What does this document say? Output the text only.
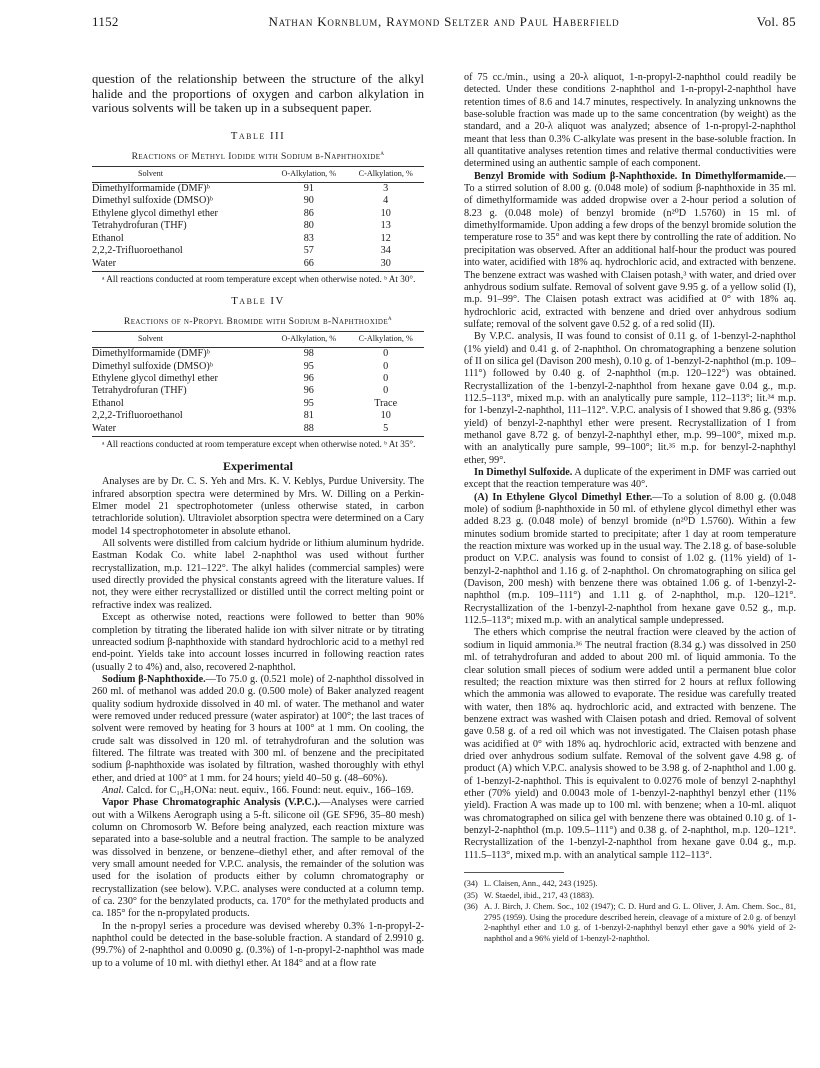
1152	Nathan Kornblum, Raymond Seltzer and Paul Haberfield	Vol. 85

question of the relationship between the structure of the alkyl halide and the proportions of oxygen and carbon alkylation in various solvents will be taken up in a subsequent paper.

Table III
Reactions of Methyl Iodide with Sodium β-Naphthoxide$^a$
Solvent	O-Alkylation, %	C-Alkylation, %
Dimethylformamide (DMF)ᵇ	91	3
Dimethyl sulfoxide (DMSO)ᵇ	90	4
Ethylene glycol dimethyl ether	86	10
Tetrahydrofuran (THF)	80	13
Ethanol	83	12
2,2,2-Trifluoroethanol	57	34
Water	66	30

ᵃ All reactions conducted at room temperature except when otherwise noted. ᵇ At 30°.

Table IV
Reactions of n-Propyl Bromide with Sodium β-Naphthoxide$^a$
Solvent	O-Alkylation, %	C-Alkylation, %
Dimethylformamide (DMF)ᵇ	98	0
Dimethyl sulfoxide (DMSO)ᵇ	95	0
Ethylene glycol dimethyl ether	96	0
Tetrahydrofuran (THF)	96	0
Ethanol	95	Trace
2,2,2-Trifluoroethanol	81	10
Water	88	5

ᵃ All reactions conducted at room temperature except when otherwise noted. ᵇ At 35°.

Experimental

Analyses are by Dr. C. S. Yeh and Mrs. K. V. Keblys, Purdue University. The infrared absorption spectra were determined by Mrs. W. Dilling on a Perkin-Elmer model 21 spectrophotometer (unless otherwise stated, in carbon tetrachloride solution). Ultraviolet absorption spectra were determined on a Cary model 14 spectrophotometer in absolute ethanol.

All solvents were distilled from calcium hydride or lithium aluminum hydride. Eastman Kodak Co. white label 2-naphthol was used without further recrystallization, m.p. 121–122°. The alkyl halides (commercial samples) were used directly provided the physical constants agreed with the literature values. If not, they were either recrystallized or distilled until the correct melting point or refractive index was realized.

Except as otherwise noted, reactions were followed to better than 90% completion by titrating the liberated halide ion with silver nitrate or by titrating unreacted sodium β-naphthoxide with standard hydrochloric acid to a methyl red end-point. Yields take into account losses incurred in following reaction rates (usually 2 to 4%) and, also, recovered 2-naphthol.

Sodium β-Naphthoxide.—To 75.0 g. (0.521 mole) of 2-naphthol dissolved in 260 ml. of methanol was added 20.0 g. (0.500 mole) of Baker analyzed reagent quality sodium hydroxide dissolved in 40 ml. of water. The methanol and water were removed under reduced pressure (water aspirator) at 100°; the last traces of solvent were removed by heating for 3 hours at 100° at 1 mm. On cooling, the crude salt was dissolved in 120 ml. of tetrahydrofuran and the solution was filtered. The filtrate was treated with 300 ml. of benzene and the precipitated sodium β-naphthoxide was isolated by filtration, washed thoroughly with ethyl ether, and dried at 100° at 1 mm. for 24 hours; yield 40–50 g. (48–60%).

Anal. Calcd. for C₁₀H₇ONa: neut. equiv., 166. Found: neut. equiv., 166–169.

Vapor Phase Chromatographic Analysis (V.P.C.).—Analyses were carried out with a Wilkens Aerograph using a 5-ft. silicone oil (GE SF96, 35–80 mesh) column on Chromosorb W. Before being analyzed, each reaction mixture was separated into a base-soluble and a neutral fraction. The sample to be analyzed was dissolved in benzene, or benzene–diethyl ether, and after removal of the very small amount needed for V.P.C. analysis, the remainder of the solution was used for the isolation of products either by column chromatography or recrystallization (see below). V.P.C. analyses were conducted at a column temp. of ca. 230° for the benzylated products, ca. 170° for the methylated products and ca. 185° for the n-propylated products.

In the n-propyl series a procedure was devised whereby 0.3% 1-n-propyl-2-naphthol could be detected in the base-soluble fraction. A standard of 2.9910 g. (99.7%) of 2-naphthol and 0.0090 g. (0.3%) of 1-n-propyl-2-naphthol was made up to a volume of 10 ml. with diethyl ether. At 184° and at a flow rate

of 75 cc./min., using a 20-λ aliquot, 1-n-propyl-2-naphthol could readily be detected. Under these conditions 2-naphthol and 1-n-propyl-2-naphthol have retention times of 8.6 and 14.7 minutes, respectively. In analyzing unknowns the base-soluble fraction was made up to the same concentration (by weight) as the standard, and a 20-λ aliquot was analyzed; absence of 1-n-propyl-2-naphthol meant that less than 0.3% C-alkylate was present in the base-soluble fraction. In all quantitative analyses retention times and relative thermal conductivities were determined using an authentic sample of each component.

Benzyl Bromide with Sodium β-Naphthoxide. In Dimethylformamide.—To a stirred solution of 8.00 g. (0.048 mole) of sodium β-naphthoxide in 35 ml. of dimethylformamide was added dropwise over a 2-hour period a solution of 8.23 g. (0.048 mole) of benzyl bromide (n²⁰D 1.5760) in 15 ml. of dimethylformamide. Upon adding a few drops of the benzyl bromide solution the temperature rose to 35° and was kept there by controlling the rate of addition. No precipitation was observed. After an additional half-hour the product was poured into water, acidified with 18% aq. hydrochloric acid, and extracted with benzene. The benzene extract was washed with Claisen potash,³ with water, and dried over anhydrous sodium sulfate. Removal of solvent gave 9.95 g. of a yellow solid (I), m.p. 91–99°. The Claisen potash extract was acidified at 0° with 18% aq. hydrochloric acid, extracted with benzene and dried over anhydrous sodium sulfate; removal of the solvent gave 0.52 g. of a red solid (II).

By V.P.C. analysis, II was found to consist of 0.11 g. of 1-benzyl-2-naphthol (1% yield) and 0.41 g. of 2-naphthol. On chromatographing a benzene solution of II on silica gel (Davison 200 mesh), 0.10 g. of 1-benzyl-2-naphthol (m.p. 109–111°) followed by 0.40 g. of 2-naphthol (m.p. 120–122°) was obtained. Recrystallization of the 1-benzyl-2-naphthol from hexane gave 0.04 g., m.p. 112.5–113°, mixed m.p. with an analytically pure sample, 112–113°; lit.³⁴ m.p. for 1-benzyl-2-naphthol, 111–112°. V.P.C. analysis of I showed that 9.86 g. (93% yield) of benzyl-2-naphthyl ether were present. Recrystallization of I from methanol gave 8.72 g. of benzyl-2-naphthyl ether, m.p. 99–100°, mixed m.p. with an analytically pure sample, 99–100°; lit.³⁵ m.p. for benzyl-2-naphthyl ether, 99°.

In Dimethyl Sulfoxide. A duplicate of the experiment in DMF was carried out except that the reaction temperature was 40°.

(A) In Ethylene Glycol Dimethyl Ether.—To a solution of 8.00 g. (0.048 mole) of sodium β-naphthoxide in 50 ml. of ethylene glycol dimethyl ether was added 8.23 g. (0.048 mole) of benzyl bromide (n²⁰D 1.5760). Within a few minutes sodium bromide started to precipitate; after 1 day at room temperature the reaction mixture was worked up in the usual way. The 2.18 g. of base-soluble product on V.P.C. analysis was found to consist of 1.02 g. (11% yield) of 1-benzyl-2-naphthol and 1.16 g. of 2-naphthol. On chromatographing on silica gel (Davison, 200 mesh) with benzene there was obtained 1.06 g. of 1-benzyl-2-naphthol (m.p. 109–111°) and 1.11 g. of 2-naphthol, m.p. 120–121°. Recrystallization of the 1-benzyl-2-naphthol from hexane gave 0.52 g., m.p. 112.5–113°; mixed m.p. with an analytical sample undepressed.

The ethers which comprise the neutral fraction were cleaved by the action of sodium in liquid ammonia.³⁶ The neutral fraction (8.34 g.) was dissolved in 250 ml. of tetrahydrofuran and added to about 200 ml. of liquid ammonia. To the clear solution small pieces of sodium were added until a permanent blue color resulted; the reaction mixture was then stirred for 2 hours at reflux following which the ammonia was allowed to evaporate. The residue was carefully treated with water, then 18% aq. hydrochloric acid, and extracted with benzene. The benzene extract was washed with Claisen potash and dried. Removal of solvent gave 0.58 g. of a red oil which was not investigated. The Claisen potash phase was acidified at 0° with 18% aq. hydrochloric acid, extracted with benzene and dried over anhydrous sodium sulfate. Removal of the solvent gave 4.98 g. of product (A) which V.P.C. analysis showed to be 3.98 g. of 2-naphthol and 1.00 g. of 1-benzyl-2-naphthol. This is equivalent to 0.0276 mole of benzyl 2-naphthyl ether (70% yield) and 0.0043 mole of 1-benzyl-2-naphthyl benzyl ether (11% yield). Fraction A was made up to 100 ml. with benzene; when a 10-ml. aliquot was chromatographed on silica gel with benzene there was obtained 0.10 g. of 1-benzyl-2-naphthol (m.p. 109.5–111°) and 0.38 g. of 2-naphthol, m.p. 120–121°. Recrystallization of the 1-benzyl-2-naphthol from hexane gave 0.04 g., m.p. 111.5–113°, mixed m.p. with an analytical sample 112–113°.

(34) L. Claisen, Ann., 442, 243 (1925).

(35) W. Staedel, ibid., 217, 43 (1883).

(36) A. J. Birch, J. Chem. Soc., 102 (1947); C. D. Hurd and G. L. Oliver, J. Am. Chem. Soc., 81, 2795 (1959). Using the procedure described herein, cleavage of a mixture of 2.0 g. of benzyl 2-naphthyl ether and 1.0 g. of 1-benzyl-2-naphthyl benzyl ether gave a 90% yield of 2-naphthol and a 96% yield of 1-benzyl-2-naphthol.
